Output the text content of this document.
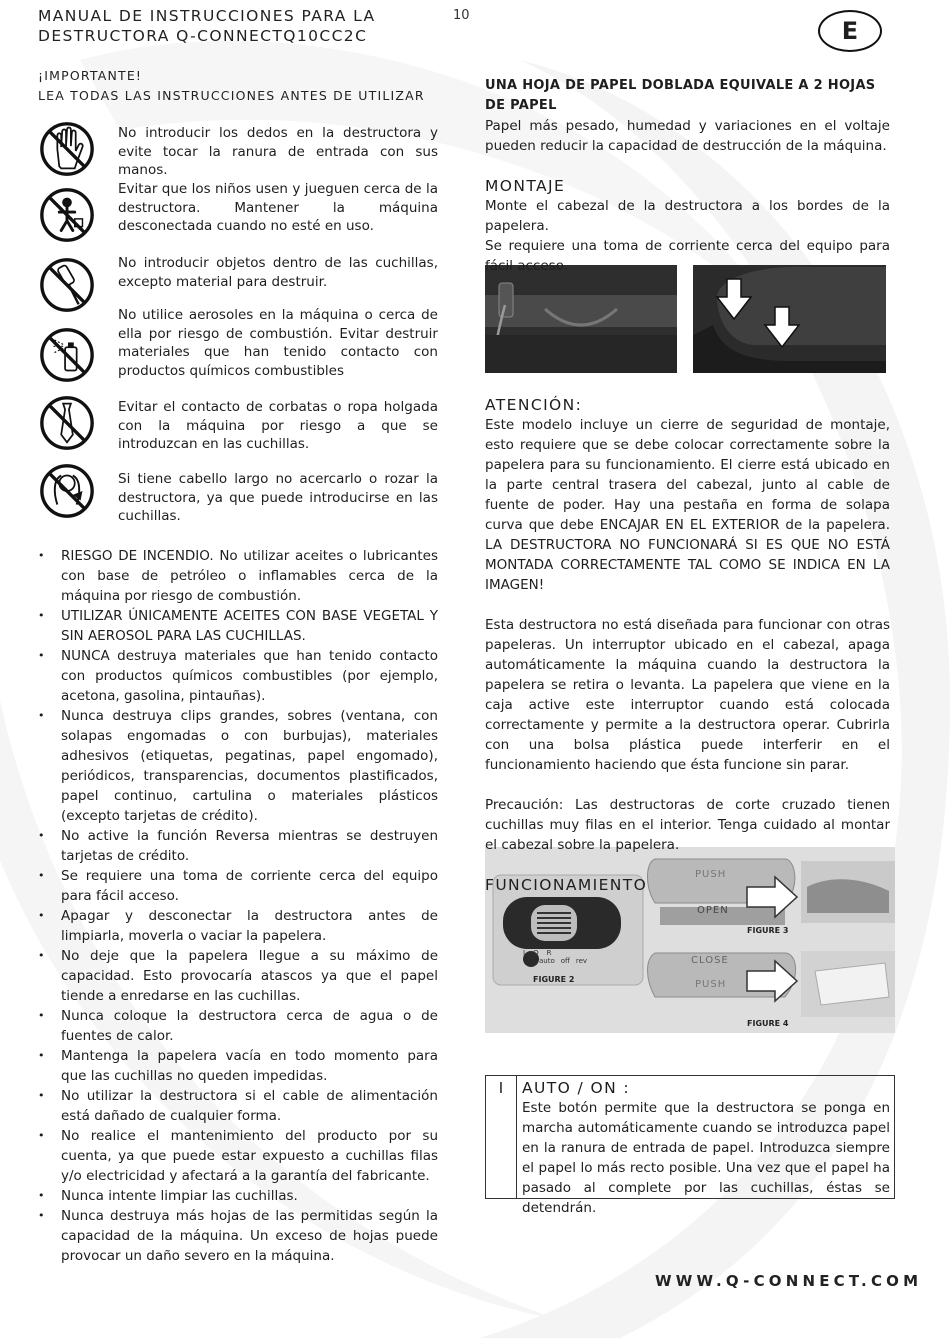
MANUAL DE INSTRUCCIONES PARA LA
DESTRUCTORA Q-CONNECTQ10CC2C
10
E
¡IMPORTANTE!
LEA TODAS LAS INSTRUCCIONES ANTES DE UTILIZAR
No introducir los dedos en la destructora y evite tocar la ranura de entrada con sus manos.
Evitar que los niños usen y jueguen cerca de la destructora. Mantener la máquina desconectada cuando no esté en uso.
No introducir objetos dentro de las cuchillas, excepto material para destruir.
No utilice aerosoles en la máquina o cerca de ella por riesgo de combustión. Evitar destruir materiales que han tenido contacto con productos químicos combustibles
Evitar el contacto de corbatas o ropa holgada con la máquina por riesgo a que se introduzcan en las cuchillas.
Si tiene cabello largo no acercarlo o rozar la destructora, ya que puede introducirse en las cuchillas.
• RIESGO DE INCENDIO. No utilizar aceites o lubricantes con base de petróleo o inflamables cerca de la máquina por riesgo de combustión.
• UTILIZAR ÚNICAMENTE ACEITES CON BASE VEGETAL Y SIN AEROSOL PARA LAS CUCHILLAS.
• NUNCA destruya materiales que han tenido contacto con productos químicos combustibles (por ejemplo, acetona, gasolina, pintauñas).
• Nunca destruya clips grandes, sobres (ventana, con solapas engomadas o con burbujas), materiales adhesivos (etiquetas, pegatinas, papel engomado), periódicos, transparencias, documentos plastificados, papel continuo, cartulina o materiales plásticos (excepto tarjetas de crédito).
• No active la función Reversa mientras se destruyen tarjetas de crédito.
• Se requiere una toma de corriente cerca del equipo para fácil acceso.
• Apagar y desconectar la destructora antes de limpiarla, moverla o vaciar la papelera.
• No deje que la papelera llegue a su máximo de capacidad. Esto provocaría atascos ya que el papel tiende a enredarse en las cuchillas.
• Nunca coloque la destructora cerca de agua o de fuentes de calor.
• Mantenga la papelera vacía en todo momento para que las cuchillas no queden impedidas.
• No utilizar la destructora si el cable de alimentación está dañado de cualquier forma.
• No realice el mantenimiento del producto por su cuenta, ya que puede estar expuesto a cuchillas filas y/o electricidad y afectará a la garantía del fabricante.
• Nunca intente limpiar las cuchillas.
• Nunca destruya más hojas de las permitidas según la capacidad de la máquina. Un exceso de hojas puede provocar un daño severo en la máquina.

UNA HOJA DE PAPEL DOBLADA EQUIVALE A 2 HOJAS DE PAPEL

Papel más pesado, humedad y variaciones en el voltaje pueden reducir la capacidad de destrucción de la máquina.

MONTAJE

Monte el cabezal de la destructora a los bordes de la papelera.

Se requiere una toma de corriente cerca del equipo para fácil acceso.

ATENCIÓN:

Este modelo incluye un cierre de seguridad de montaje, esto requiere que se debe colocar correctamente sobre la papelera para su funcionamiento. El cierre está ubicado en la parte central trasera del cabezal, junto al cable de fuente de poder. Hay una pestaña en forma de solapa curva que debe ENCAJAR EN EL EXTERIOR de la papelera. LA DESTRUCTORA NO FUNCIONARÁ SI ES QUE NO ESTÁ MONTADA CORRECTAMENTE TAL COMO SE INDICA EN LA IMAGEN!

Esta destructora no está diseñada para funcionar con otras papeleras. Un interruptor ubicado en el cabezal, apaga automáticamente la máquina cuando la destructora la papelera se retira o levanta. La papelera que viene en la caja active este interruptor cuando está colocada correctamente y permite a la destructora operar. Cubrirla con una bolsa plástica puede interferir en el funcionamiento haciendo que ésta funcione sin parar.

Precaución: Las destructoras de corte cruzado tienen cuchillas muy filas en el interior. Tenga cuidado al montar el cabezal sobre la papelera.

FUNCIONAMIENTO

PUSH
OPEN
CLOSE
PUSH
I O R
auto off rev
FIGURE 2
FIGURE 3
FIGURE 4
I	AUTO / ON :
Este botón permite que la destructora se ponga en marcha automáticamente cuando se introduzca papel en la ranura de entrada de papel. Introduzca siempre el papel lo más recto posible. Una vez que el papel ha pasado al complete por las cuchillas, éstas se detendrán.
WWW.Q-CONNECT.COM
